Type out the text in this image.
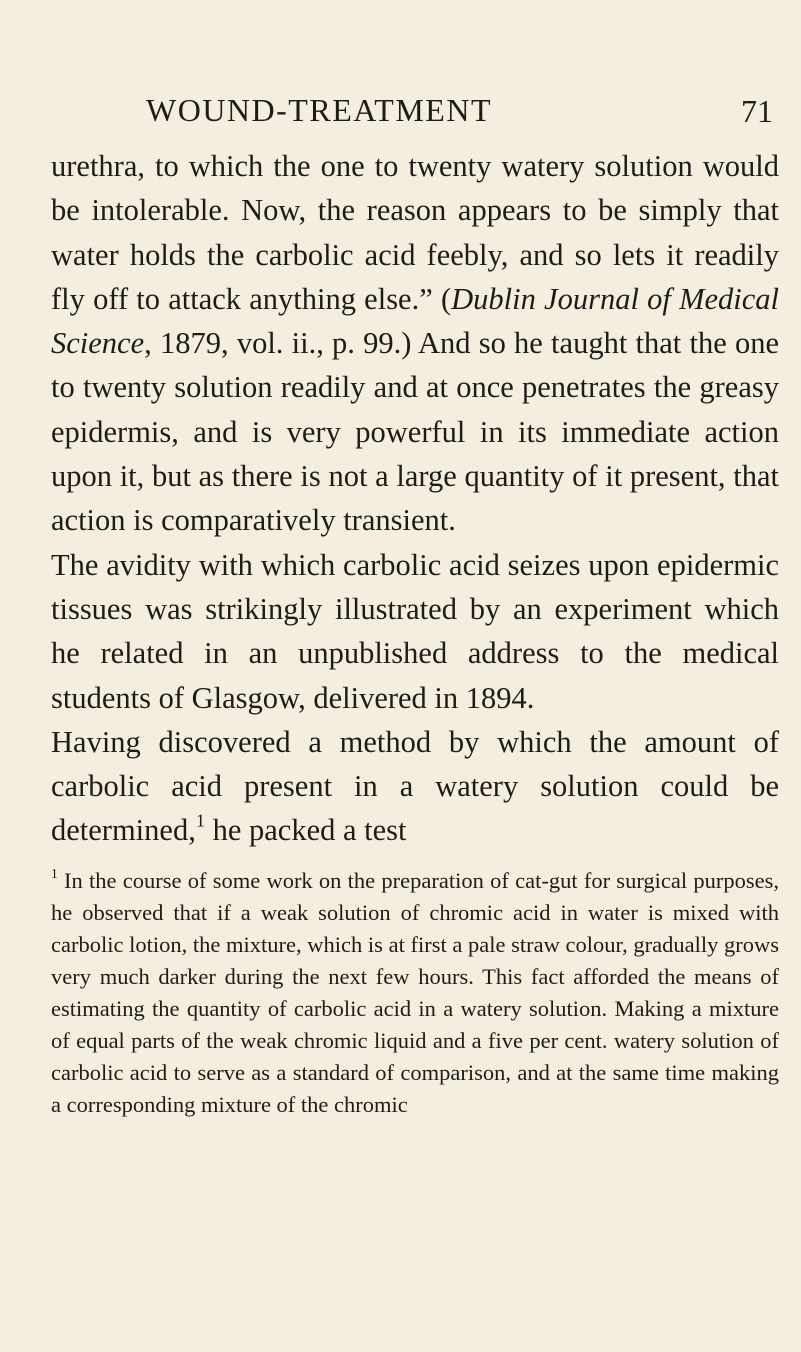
WOUND-TREATMENT	71

urethra, to which the one to twenty watery solution would be intolerable. Now, the reason appears to be simply that water holds the carbolic acid feebly, and so lets it readily fly off to attack anything else.” (Dublin Journal of Medical Science, 1879, vol. ii., p. 99.) And so he taught that the one to twenty solution readily and at once penetrates the greasy epidermis, and is very powerful in its immediate action upon it, but as there is not a large quantity of it present, that action is comparatively transient.

The avidity with which carbolic acid seizes upon epidermic tissues was strikingly illustrated by an experiment which he related in an unpublished address to the medical students of Glasgow, delivered in 1894.

Having discovered a method by which the amount of carbolic acid present in a watery solution could be determined,$^1$ he packed a test

$^1$ In the course of some work on the preparation of cat-gut for surgical purposes, he observed that if a weak solution of chromic acid in water is mixed with carbolic lotion, the mixture, which is at first a pale straw colour, gradually grows very much darker during the next few hours. This fact afforded the means of estimating the quantity of carbolic acid in a watery solution. Making a mixture of equal parts of the weak chromic liquid and a five per cent. watery solution of carbolic acid to serve as a standard of comparison, and at the same time making a corresponding mixture of the chromic
